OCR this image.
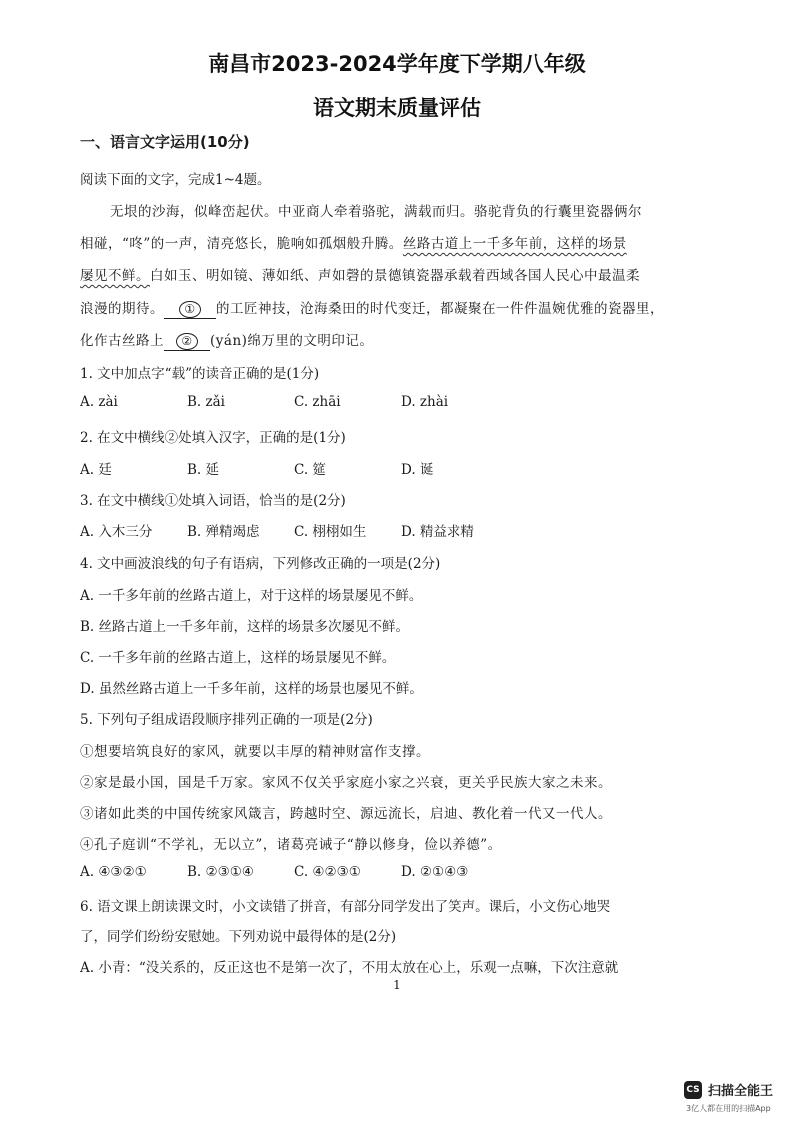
南昌市2023-2024学年度下学期八年级
语文期末质量评估
一、语言文字运用(10分)
阅读下面的文字，完成1~4题。
无垠的沙海，似峰峦起伏。中亚商人牵着骆驼，满载而归。骆驼背负的行囊里瓷器俩尔
相碰，“咚”的一声，清亮悠长，脆响如孤烟般升腾。丝路古道上一千多年前，这样的场景
屡见不鲜。白如玉、明如镜、薄如纸、声如磬的景德镇瓷器承载着西域各国人民心中最温柔
浪漫的期待。 ① 的工匠神技，沧海桑田的时代变迁，都凝聚在一件件温婉优雅的瓷器里，
化作古丝路上 ② (yán)绵万里的文明印记。
1. 文中加点字“载”的读音正确的是(1分)
A. zài	B. zǎi	C. zhāi	D. zhài
2. 在文中横线②处填入汉字，正确的是(1分)
A. 廷	B. 延	C. 筵	D. 诞
3. 在文中横线①处填入词语，恰当的是(2分)
A. 入木三分	B. 殚精竭虑	C. 栩栩如生	D. 精益求精
4. 文中画波浪线的句子有语病，下列修改正确的一项是(2分)
A. 一千多年前的丝路古道上，对于这样的场景屡见不鲜。
B. 丝路古道上一千多年前，这样的场景多次屡见不鲜。
C. 一千多年前的丝路古道上，这样的场景屡见不鲜。
D. 虽然丝路古道上一千多年前，这样的场景也屡见不鲜。
5. 下列句子组成语段顺序排列正确的一项是(2分)
①想要培筑良好的家风，就要以丰厚的精神财富作支撑。
②家是最小国，国是千万家。家风不仅关乎家庭小家之兴衰，更关乎民族大家之未来。
③诸如此类的中国传统家风箴言，跨越时空、源远流长，启迪、教化着一代又一代人。
④孔子庭训“不学礼，无以立”，诸葛亮诫子“静以修身，俭以养德”。
A. ④③②①	B. ②③①④	C. ④②③①	D. ②①④③
6. 语文课上朗读课文时，小文读错了拼音，有部分同学发出了笑声。课后，小文伤心地哭
了，同学们纷纷安慰她。下列劝说中最得体的是(2分)
A. 小青：“没关系的，反正这也不是第一次了，不用太放在心上，乐观一点嘛，下次注意就
1
CS 扫描全能王
3亿人都在用的扫描App
